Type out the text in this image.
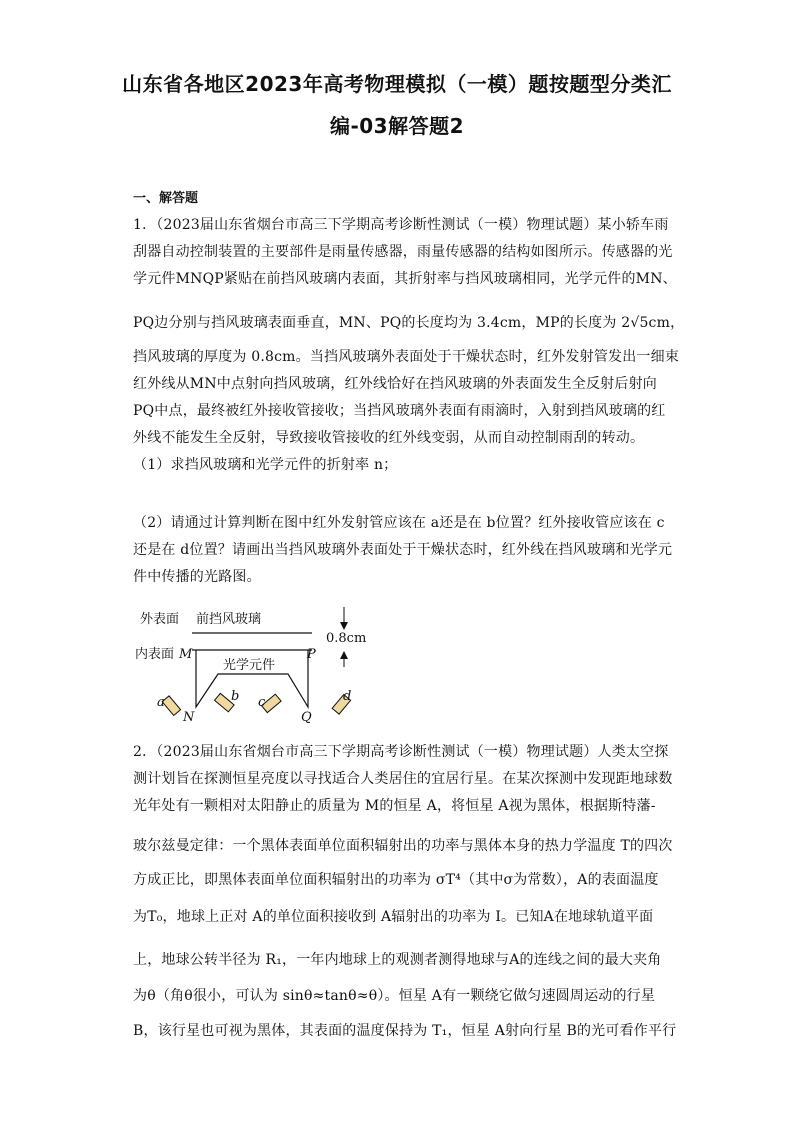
山东省各地区2023年高考物理模拟（一模）题按题型分类汇
编-03解答题2
一、解答题
1．（2023届山东省烟台市高三下学期高考诊断性测试（一模）物理试题）某小轿车雨
刮器自动控制装置的主要部件是雨量传感器，雨量传感器的结构如图所示。传感器的光
学元件MNQP紧贴在前挡风玻璃内表面，其折射率与挡风玻璃相同，光学元件的MN、
PQ边分别与挡风玻璃表面垂直，MN、PQ的长度均为 3.4cm，MP的长度为 2√5cm，
挡风玻璃的厚度为 0.8cm。当挡风玻璃外表面处于干燥状态时，红外发射管发出一细束
红外线从MN中点射向挡风玻璃，红外线恰好在挡风玻璃的外表面发生全反射后射向
PQ中点，最终被红外接收管接收；当挡风玻璃外表面有雨滴时，入射到挡风玻璃的红
外线不能发生全反射，导致接收管接收的红外线变弱，从而自动控制雨刮的转动。
（1）求挡风玻璃和光学元件的折射率 n；
（2）请通过计算判断在图中红外发射管应该在 a还是在 b位置？红外接收管应该在 c
还是在 d位置？请画出当挡风玻璃外表面处于干燥状态时，红外线在挡风玻璃和光学元
件中传播的光路图。
外表面 前挡风玻璃
0.8cm
内表面 M	P
光学元件
N	Q
a	b c	d
2．（2023届山东省烟台市高三下学期高考诊断性测试（一模）物理试题）人类太空探
测计划旨在探测恒星亮度以寻找适合人类居住的宜居行星。在某次探测中发现距地球数
光年处有一颗相对太阳静止的质量为 M的恒星 A，将恒星 A视为黑体，根据斯特藩-
玻尔兹曼定律：一个黑体表面单位面积辐射出的功率与黑体本身的热力学温度 T的四次
方成正比，即黑体表面单位面积辐射出的功率为 σT⁴（其中σ为常数），A的表面温度
为T₀，地球上正对 A的单位面积接收到 A辐射出的功率为 I。已知A在地球轨道平面
上，地球公转半径为 R₁，一年内地球上的观测者测得地球与A的连线之间的最大夹角
为θ（角θ很小，可认为 sinθ≈tanθ≈θ）。恒星 A有一颗绕它做匀速圆周运动的行星
B，该行星也可视为黑体，其表面的温度保持为 T₁，恒星 A射向行星 B的光可看作平行
